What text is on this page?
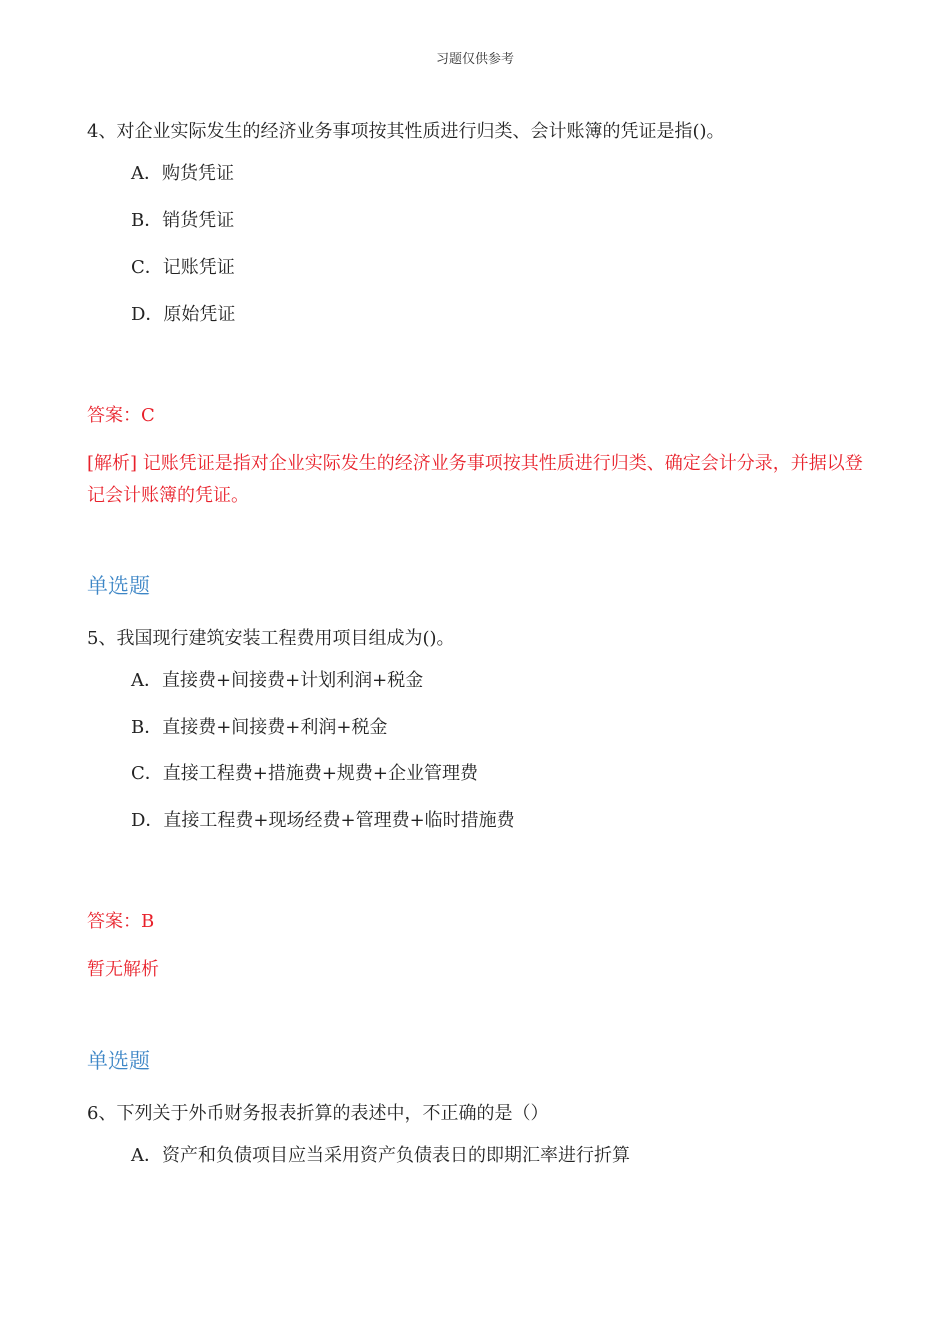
习题仅供参考
4、对企业实际发生的经济业务事项按其性质进行归类、会计账簿的凭证是指()。
A．购货凭证
B．销货凭证
C．记账凭证
D．原始凭证
答案：C
[解析] 记账凭证是指对企业实际发生的经济业务事项按其性质进行归类、确定会计分录，并据以登记会计账簿的凭证。
单选题
5、我国现行建筑安装工程费用项目组成为()。
A．直接费+间接费+计划利润+税金
B．直接费+间接费+利润+税金
C．直接工程费+措施费+规费+企业管理费
D．直接工程费+现场经费+管理费+临时措施费
答案：B
暂无解析
单选题
6、下列关于外币财务报表折算的表述中，不正确的是（）
A．资产和负债项目应当采用资产负债表日的即期汇率进行折算
